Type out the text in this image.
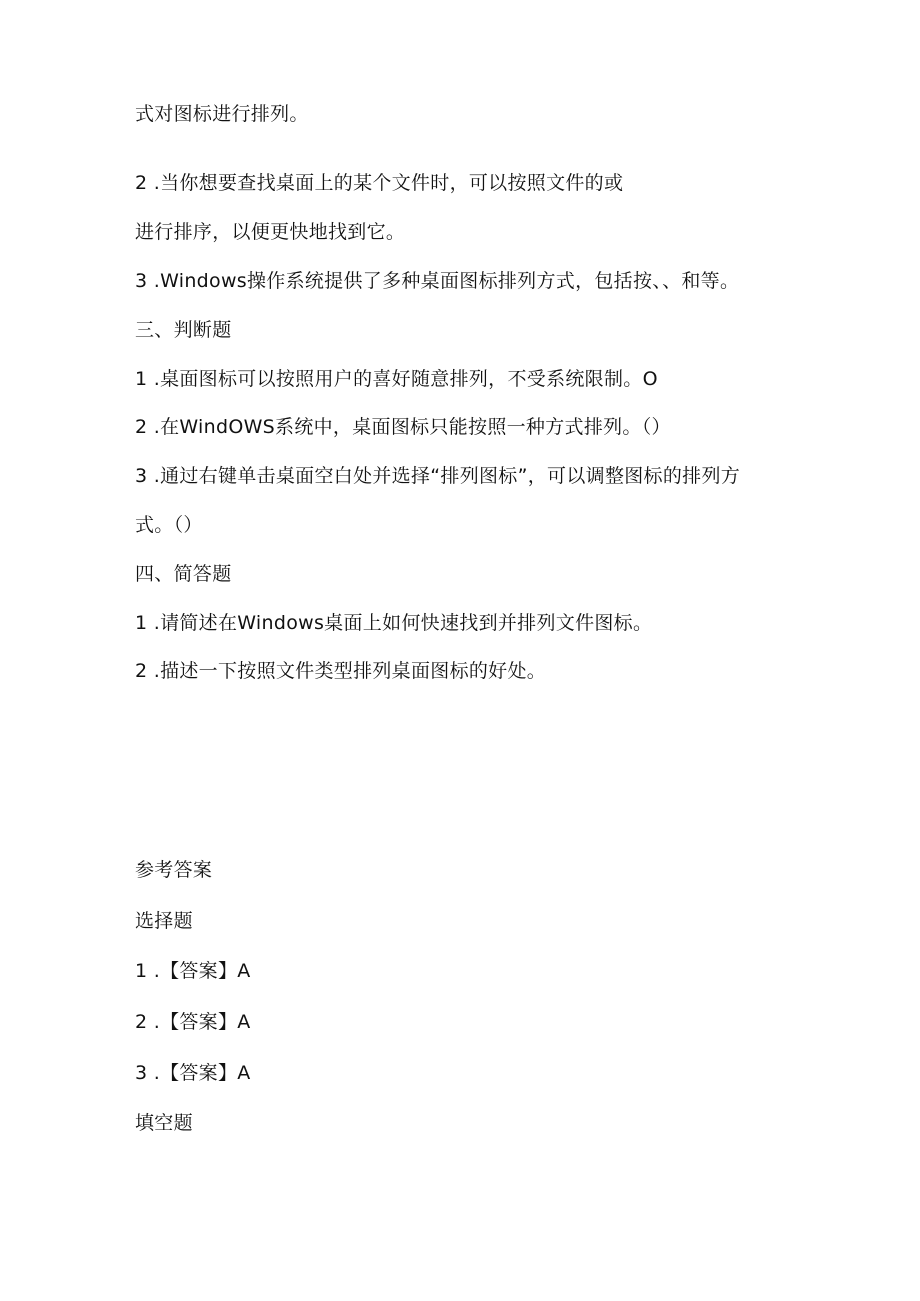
式对图标进行排列。
2 .当你想要查找桌面上的某个文件时，可以按照文件的或
进行排序，以便更快地找到它。
3 .Windows操作系统提供了多种桌面图标排列方式，包括按、、和等。
三、判断题
1 .桌面图标可以按照用户的喜好随意排列，不受系统限制。O
2 .在WindOWS系统中，桌面图标只能按照一种方式排列。（）
3 .通过右键单击桌面空白处并选择“排列图标”，可以调整图标的排列方
式。（）
四、简答题
1 .请简述在Windows桌面上如何快速找到并排列文件图标。
2 .描述一下按照文件类型排列桌面图标的好处。
参考答案
选择题
1 .【答案】A
2 .【答案】A
3 .【答案】A
填空题
